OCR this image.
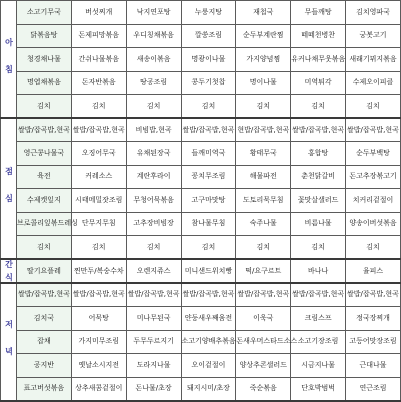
아 침	소고기무국	버섯찌개	낙지연포탕	누룽지탕	재첩국	무들깨탕	김치영파국
	닭볶음탕	돈제피망볶음	우디칭채볶음	깔쑹조림	순두부계란찜	떼떼천병찬	궁봇고기
	청경채나물	간쉬나물볶음	새송이볶음	명광이나물	가지양념찜	유커나채무웃볶음	새래기뮈지볶음
	명엽채볶음	돈자반볶음	땅공조림	콩두기첫찹	명이나물	미역튀각	수제오이피클
	김치	김치	김치	김치	김치	김치	김치
점 심	쌀밥/잡곡밥,현곡	쌀밥/잡곡밥,현곡	비빔밥,현곡	쌀밥/잡곡밥,현곡	현밥/잡곡밥,현곡	쌀밥/잡곡밥,현곡	쌀밥/잡곡밥,현곡
	영근콩나물국	오징어무국	유채된장국	들깨미역국	황태무국	홍합탕	순두부백탕
	육전	커레소스	계란후라이	꽁치무조림	해물파전	춘천닭갈비	돈고추장볶고기
	수제캣잎지	시태메밀잣조림	무청어묵볶음	고구마맛탕	도토리묵무침	꽃맛살샐러드	치커리겉절이
	브로콜리잎볶드레싱	단무지무침	고추장비빔장	참나물무침	숙주나물	비름나물	양송이버섯볶음
	김치	김치	김치	김치	김치	김치	김치
간 식	딸기요플레	찐만두/복숭수차	오렌지쥬스	미니샌드위치빵	떡/요구르트	바나나	율피스
저 녁	쌀밥/잡곡밥,현곡	쌀밥/잡곡밥,현곡	쌀밥/잡곡밥,현곡	쌀밥/잡곡밥,현곡	쌀밥/잡곡밥,현곡	쌀밥/잡곡밥,현곡	쌀밥/잡곡밥,현곡
	김치국	어묵탕	미나무된국	얀둥새우째움전	이욱국	크림스프	정국장찌개
	잡채	가지미무조림	두무두르지기	소고기양배추볶음	돈새우머스타드소스	소고기장조림	고등어맛장조림
	공지반	옛날소시지전	도라지나물	오이겉절이	양상추콘샐러드	시금지나물	근대나물
	표고버섯볶음	상추새콤겉절이	돈나물/초장	돼지시미/초장	죽순볶음	단호박범벅	연근조림
